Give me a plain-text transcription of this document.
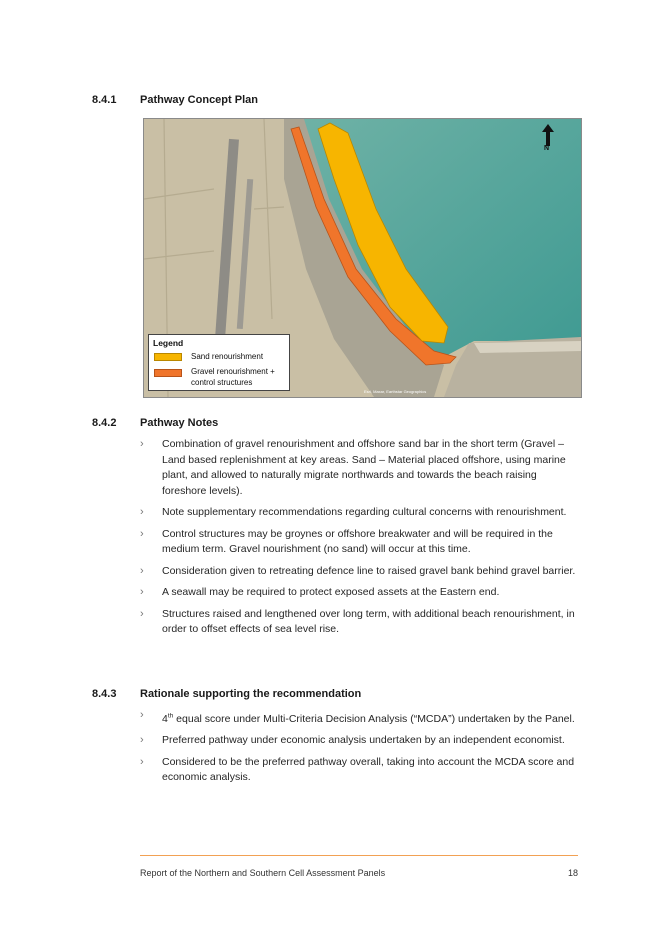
8.4.1 Pathway Concept Plan
Esri, Maxar, Earthstar Geographics
N
Legend
Sand renourishment
Gravel renourishment +
control structures
8.4.2 Pathway Notes
› Combination of gravel renourishment and offshore sand bar in the short term (Gravel – Land based replenishment at key areas. Sand – Material placed offshore, using marine plant, and allowed to naturally migrate northwards and towards the beach raising foreshore levels).
› Note supplementary recommendations regarding cultural concerns with renourishment.
› Control structures may be groynes or offshore breakwater and will be required in the medium term. Gravel nourishment (no sand) will occur at this time.
› Consideration given to retreating defence line to raised gravel bank behind gravel barrier.
› A seawall may be required to protect exposed assets at the Eastern end.
› Structures raised and lengthened over long term, with additional beach renourishment, in order to offset effects of sea level rise.
8.4.3 Rationale supporting the recommendation
› 4th equal score under Multi-Criteria Decision Analysis (“MCDA”) undertaken by the Panel.
› Preferred pathway under economic analysis undertaken by an independent economist.
› Considered to be the preferred pathway overall, taking into account the MCDA score and economic analysis.
Report of the Northern and Southern Cell Assessment Panels	18
